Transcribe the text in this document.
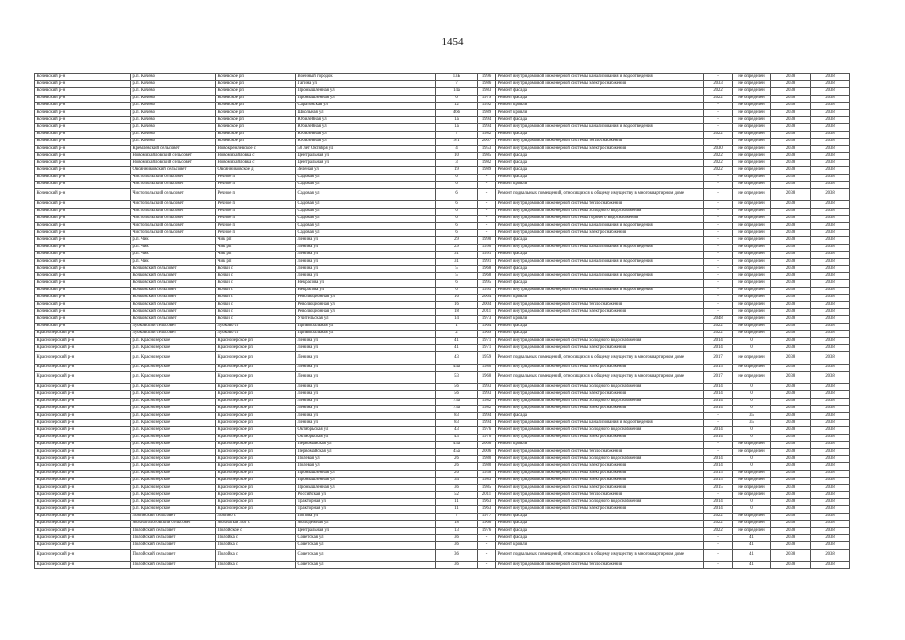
1454
Кочевский р-н	р.п. Кочево	Кочевское рп	Военный городок	13Б	1996	Ремонт внутридомовой инженерной системы канализования и водоотведения	-	не определен	2038	2038
Кочевский р-н	р.п. Кочево	Кочевское рп	Гагина ул	7	1986	Ремонт внутридомовой инженерной системы электроснабжения	2033	не определен	2038	2038
Кочевский р-н	р.п. Кочево	Кочевское рп	Промышленная ул	14а	1983	Ремонт фасада	2022	не определен	2038	2038
Кочевский р-н	р.п. Кочево	Кочевское рп	Промышленная ул	6	1979	Ремонт фасада	2022	не определен	2038	2038
Кочевский р-н	р.п. Кочево	Кочевское рп	Саратовская ул	12	1992	Ремонт кровли	-	не определен	2038	2038
Кочевский р-н	р.п. Кочево	Кочевское рп	Школьная ул	46б	1989	Ремонт кровли	-	не определен	2038	2038
Кочевский р-н	р.п. Кочево	Кочевское рп	Юбилейная ул	1а	1994	Ремонт фасада	-	не определен	2038	2038
Кочевский р-н	р.п. Кочево	Кочевское рп	Юбилейная ул	1а	1994	Ремонт внутридомовой инженерной системы канализования и водоотведения	-	не определен	2038	2038
Кочевский р-н	р.п. Кочево	Кочевское рп	Юбилейная ул	7	1982	Ремонт фасада	2022	не определен	2038	2038
Кочевский р-н	р.п. Кочево	Кочевское рп	Юбилейная ул	9/1	2007	Ремонт внутридомовой инженерной системы теплоснабжения	-	не определен	2038	2038
Кочевский р-н	Кремлевский сельсовет	Новокремлевское с	50 лет Октября ул	4	1953	Ремонт внутридомовой инженерной системы электроснабжения	2030	не определен	2038	2038
Кочевский р-н	Новомихайловский сельсовет	Новомихайловка с	Центральная ул	10	1985	Ремонт фасада	2022	не определен	2038	2038
Кочевский р-н	Новомихайловский сельсовет	Новомихайловка с	Центральная ул	3	1982	Ремонт фасада	2022	не определен	2038	2038
Кочевский р-н	Овсянниковский сельсовет	Овсянниковское д	Зеленая ул	19	1989	Ремонт фасада	2022	не определен	2038	2038
Кочевский р-н	Чистопольский сельсовет	Речное п	Садовая ул	6	-	Ремонт фасада	-	не определен	2038	2038
Кочевский р-н	Чистопольский сельсовет	Речное п	Садовая ул	6	-	Ремонт кровли	-	не определен	2038	2038
Кочевский р-н	Чистопольский сельсовет	Речное п	Садовая ул	6	-	Ремонт подвальных помещений, относящихся к общему имуществу в многоквартирном доме	-	не определен	2038	2038
Кочевский р-н	Чистопольский сельсовет	Речное п	Садовая ул	6	-	Ремонт внутридомовой инженерной системы теплоснабжения	-	не определен	2038	2038
Кочевский р-н	Чистопольский сельсовет	Речное п	Садовая ул	6	-	Ремонт внутридомовой инженерной системы холодного водоснабжения	-	не определен	2038	2038
Кочевский р-н	Чистопольский сельсовет	Речное п	Садовая ул	6	-	Ремонт внутридомовой инженерной системы горячего водоснабжения	-	не определен	2038	2038
Кочевский р-н	Чистопольский сельсовет	Речное п	Садовая ул	6	-	Ремонт внутридомовой инженерной системы канализования и водоотведения	-	не определен	2038	2038
Кочевский р-н	Чистопольский сельсовет	Речное п	Садовая ул	6	-	Ремонт внутридомовой инженерной системы электроснабжения	-	не определен	2038	2038
Кочевский р-н	р.п. Чик	Чик рп	Ленина ул	29	1990	Ремонт фасада	-	не определен	2038	2038
Кочевский р-н	р.п. Чик	Чик рп	Ленина ул	29	1990	Ремонт внутридомовой инженерной системы канализования и водоотведения	-	не определен	2038	2038
Кочевский р-н	р.п. Чик	Чик рп	Ленина ул	31	1991	Ремонт фасада	-	не определен	2038	2038
Кочевский р-н	р.п. Чик	Чик рп	Ленина ул	31	1991	Ремонт внутридомовой инженерной системы канализования и водоотведения	-	не определен	2038	2038
Кочевский р-н	Кочковский сельсовет	Кочки с	Ленина ул	5	1968	Ремонт фасада	-	не определен	2038	2038
Кочевский р-н	Кочковский сельсовет	Кочки с	Ленина ул	5	1968	Ремонт внутридомовой инженерной системы канализования и водоотведения	-	не определен	2038	2038
Кочевский р-н	Кочковский сельсовет	Кочки с	Некрасова ул	6	1995	Ремонт фасада	-	не определен	2038	2038
Кочевский р-н	Кочковский сельсовет	Кочки с	Некрасова ул	6	1995	Ремонт внутридомовой инженерной системы канализования и водоотведения	-	не определен	2038	2038
Кочевский р-н	Кочковский сельсовет	Кочки с	Революционная ул	16	2004	Ремонт кровли	-	не определен	2038	2038
Кочевский р-н	Кочковский сельсовет	Кочки с	Революционная ул	16	2004	Ремонт внутридомовой инженерной системы теплоснабжения	-	не определен	2038	2038
Кочевский р-н	Кочковский сельсовет	Кочки с	Революционная ул	18	2011	Ремонт внутридомовой инженерной системы электроснабжения	-	не определен	2038	2038
Кочевский р-н	Кочковский сельсовет	Кочки с	Учительская ул	14	1973	Ремонт кровли	2048	не определен	2038	2038
Кочевский р-н	Зубковский сельсовет	Зубково ст	Привокзальная ул	1	1964	Ремонт фасада	2022	не определен	2038	2038
Краснозерский р-н	Зубковский сельсовет	Зубково ст	Привокзальная ул	2	1969	Ремонт фасада	2022	не определен	2038	2038
Краснозерский р-н	р.п. Краснозерское	Краснозерское рп	Ленина ул	41	1971	Ремонт внутридомовой инженерной системы холодного водоснабжения	2014	0	2038	2038
Краснозерский р-н	р.п. Краснозерское	Краснозерское рп	Ленина ул	41	1971	Ремонт внутридомовой инженерной системы электроснабжения	2014	0	2038	2038
Краснозерский р-н	р.п. Краснозерское	Краснозерское рп	Ленина ул	43	1959	Ремонт подвальных помещений, относящихся к общему имуществу в многоквартирном доме	2017	не определен	2038	2038
Краснозерский р-н	р.п. Краснозерское	Краснозерское рп	Ленина ул	44а	1980	Ремонт внутридомовой инженерной системы электроснабжения	2015	не определен	2038	2038
Краснозерский р-н	р.п. Краснозерское	Краснозерское рп	Ленина ул	53	1968	Ремонт подвальных помещений, относящихся к общему имуществу в многоквартирном доме	2017	не определен	2038	2038
Краснозерский р-н	р.п. Краснозерское	Краснозерское рп	Ленина ул	56	1993	Ремонт внутридомовой инженерной системы холодного водоснабжения	2014	0	2038	2038
Краснозерский р-н	р.п. Краснозерское	Краснозерское рп	Ленина ул	56	1993	Ремонт внутридомовой инженерной системы электроснабжения	2014	0	2038	2038
Краснозерский р-н	р.п. Краснозерское	Краснозерское рп	Ленина ул	73а	1982	Ремонт внутридомовой инженерной системы холодного водоснабжения	2014	0	2038	2038
Краснозерский р-н	р.п. Краснозерское	Краснозерское рп	Ленина ул	73а	1982	Ремонт внутридомовой инженерной системы электроснабжения	2014	0	2038	2038
Краснозерский р-н	р.п. Краснозерское	Краснозерское рп	Ленина ул	83	1994	Ремонт фасада	-	35	2038	2038
Краснозерский р-н	р.п. Краснозерское	Краснозерское рп	Ленина ул	83	1994	Ремонт внутридомовой инженерной системы канализования и водоотведения	-	35	2038	2038
Краснозерский р-н	р.п. Краснозерское	Краснозерское рп	Октябрьская ул	43	1976	Ремонт внутридомовой инженерной системы холодного водоснабжения	2014	0	2038	2038
Краснозерский р-н	р.п. Краснозерское	Краснозерское рп	Октябрьская ул	43	1976	Ремонт внутридомовой инженерной системы электроснабжения	2014	0	2038	2038
Краснозерский р-н	р.п. Краснозерское	Краснозерское рп	Первомайская ул	45а	2006	Ремонт кровли	-	не определен	2038	2038
Краснозерский р-н	р.п. Краснозерское	Краснозерское рп	Первомайская ул	45а	2006	Ремонт внутридомовой инженерной системы теплоснабжения	-	не определен	2038	2038
Краснозерский р-н	р.п. Краснозерское	Краснозерское рп	Полевая ул	26	1980	Ремонт внутридомовой инженерной системы холодного водоснабжения	2014	0	2038	2038
Краснозерский р-н	р.п. Краснозерское	Краснозерское рп	Полевая ул	26	1980	Ремонт внутридомовой инженерной системы электроснабжения	2014	0	2038	2038
Краснозерский р-н	р.п. Краснозерское	Краснозерское рп	Промышленная ул	26	1958	Ремонт внутридомовой инженерной системы электроснабжения	2015	не определен	2038	2038
Краснозерский р-н	р.п. Краснозерское	Краснозерское рп	Промышленная ул	34	1983	Ремонт внутридомовой инженерной системы электроснабжения	2015	не определен	2038	2038
Краснозерский р-н	р.п. Краснозерское	Краснозерское рп	Промышленная ул	36	1985	Ремонт внутридомовой инженерной системы электроснабжения	2015	не определен	2038	2038
Краснозерский р-н	р.п. Краснозерское	Краснозерское рп	Российская ул	52	2011	Ремонт внутридомовой инженерной системы теплоснабжения	-	не определен	2038	2038
Краснозерский р-н	р.п. Краснозерское	Краснозерское рп	Тракторная ул	11	1963	Ремонт внутридомовой инженерной системы холодного водоснабжения	2014	0	2038	2038
Краснозерский р-н	р.п. Краснозерское	Краснозерское рп	Тракторная ул	11	1963	Ремонт внутридомовой инженерной системы электроснабжения	2014	0	2038	2038
Краснозерский р-н	Лобинский сельсовет	Лобино с	Попова ул	7	1977	Ремонт фасада	2022	не определен	2038	2038
Краснозерский р-н	Мохнатологовский сельсовет	Мохнатый Лог с	Молодежная ул	18	1966	Ремонт фасада	2022	не определен	2038	2038
Краснозерский р-н	Полойский сельсовет	Полойское с	Центральная ул	13	1976	Ремонт фасада	2022	не определен	2038	2038
Краснозерский р-н	Полойский сельсовет	Полойка с	Советская ул	36	-	Ремонт фасада	-	41	2038	2038
Краснозерский р-н	Полойский сельсовет	Полойка с	Советская ул	36	-	Ремонт кровли	-	41	2038	2038
Краснозерский р-н	Полойский сельсовет	Полойка с	Советская ул	36	-	Ремонт подвальных помещений, относящихся к общему имуществу в многоквартирном доме	-	41	2038	2038
Краснозерский р-н	Полойский сельсовет	Полойка с	Советская ул	36	-	Ремонт внутридомовой инженерной системы теплоснабжения	-	41	2038	2038
